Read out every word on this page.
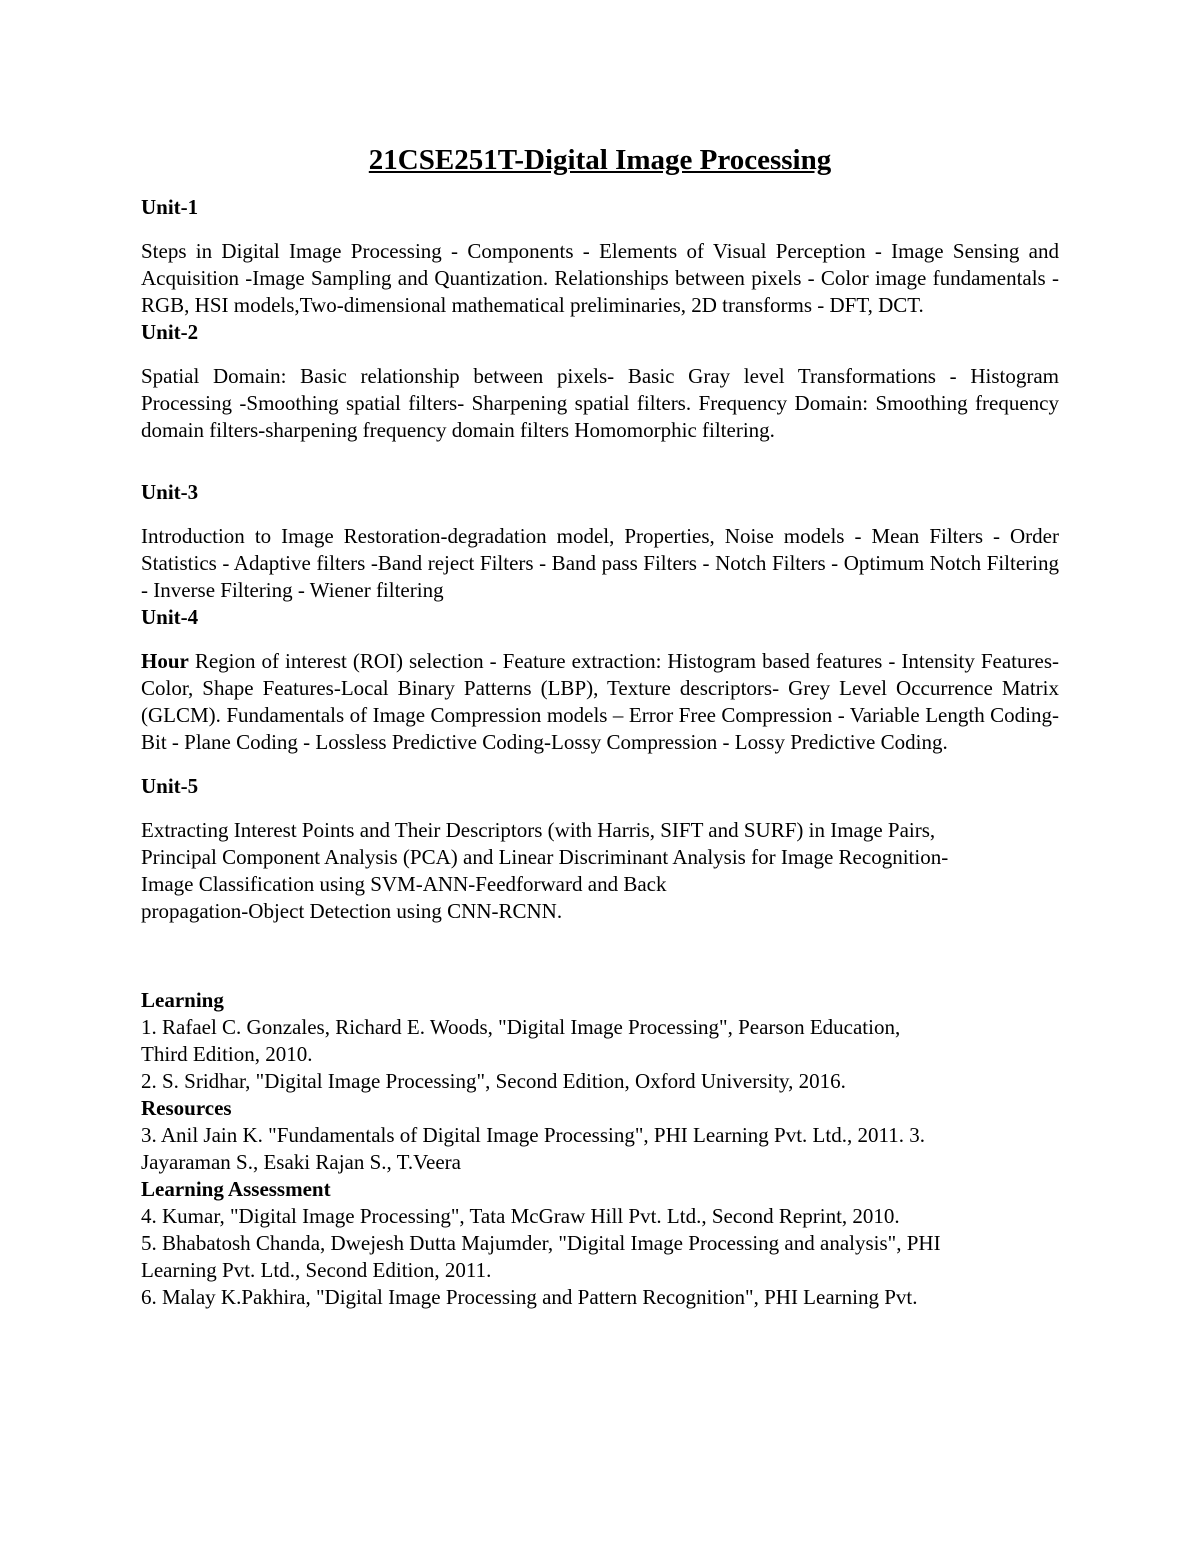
21CSE251T-Digital Image Processing

Unit-1

Steps in Digital Image Processing - Components - Elements of Visual Perception - Image Sensing and Acquisition -Image Sampling and Quantization. Relationships between pixels - Color image fundamentals - RGB, HSI models,Two-dimensional mathematical preliminaries, 2D transforms - DFT, DCT.

Unit-2

Spatial Domain: Basic relationship between pixels- Basic Gray level Transformations - Histogram Processing -Smoothing spatial filters- Sharpening spatial filters. Frequency Domain: Smoothing frequency domain filters-sharpening frequency domain filters Homomorphic filtering.

Unit-3

Introduction to Image Restoration-degradation model, Properties, Noise models - Mean Filters - Order Statistics - Adaptive filters -Band reject Filters - Band pass Filters - Notch Filters - Optimum Notch Filtering - Inverse Filtering - Wiener filtering

Unit-4

Hour Region of interest (ROI) selection - Feature extraction: Histogram based features - Intensity Features-Color, Shape Features-Local Binary Patterns (LBP), Texture descriptors- Grey Level Occurrence Matrix (GLCM). Fundamentals of Image Compression models – Error Free Compression - Variable Length Coding-Bit - Plane Coding - Lossless Predictive Coding-Lossy Compression - Lossy Predictive Coding.

Unit-5

Extracting Interest Points and Their Descriptors (with Harris, SIFT and SURF) in Image Pairs,

Principal Component Analysis (PCA) and Linear Discriminant Analysis for Image Recognition-

Image Classification using SVM-ANN-Feedforward and Back

propagation-Object Detection using CNN-RCNN.

Learning

1. Rafael C. Gonzales, Richard E. Woods, "Digital Image Processing", Pearson Education,

Third Edition, 2010.

2. S. Sridhar, "Digital Image Processing", Second Edition, Oxford University, 2016.

Resources

3. Anil Jain K. "Fundamentals of Digital Image Processing", PHI Learning Pvt. Ltd., 2011. 3.

Jayaraman S., Esaki Rajan S., T.Veera

Learning Assessment

4. Kumar, "Digital Image Processing", Tata McGraw Hill Pvt. Ltd., Second Reprint, 2010.

5. Bhabatosh Chanda, Dwejesh Dutta Majumder, "Digital Image Processing and analysis", PHI

Learning Pvt. Ltd., Second Edition, 2011.

6. Malay K.Pakhira, "Digital Image Processing and Pattern Recognition", PHI Learning Pvt.
